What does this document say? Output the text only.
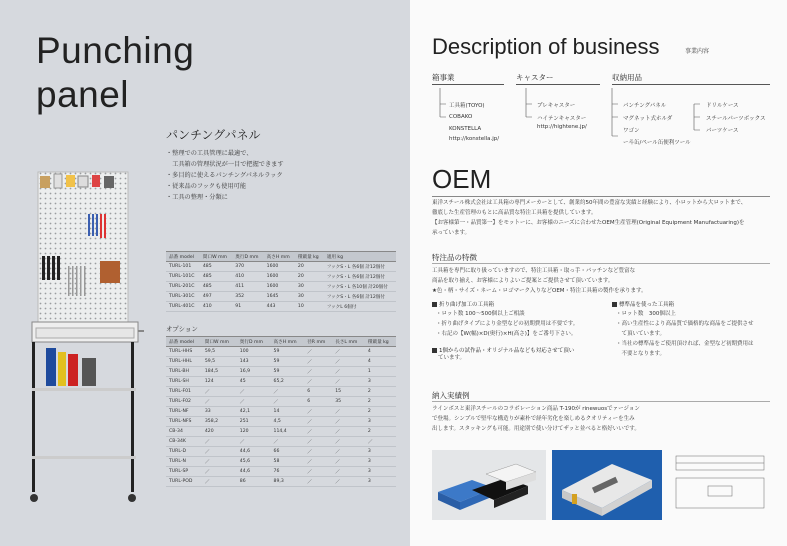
Punching
panel
パンチングパネル
・整理での工具管理に最適で、
　工具箱の管理状況が一目で把握できます
・多目的に使えるパンチングパネルラック
・従来品のフックも使用可能
・工具の整理・分類に
品番 model	間口W mm	奥行D mm	高さH mm	積載量 kg	適用 kg
TURL-101	485	370	1600	20	フックS・L 各6個 計12個付
TURL-101C	485	410	1600	20	フックS・L 各6個 計12個付
TURL-201C	485	411	1600	30	フックS・L 各10個 計20個付
TURL-301C	497	352	1645	30	フックS・L 各6個 計12個付
TURL-401C	410	91	443	10	フックL 6個付
オプション
品番 model	間口W mm	奥行D mm	高さH mm	径R mm	長さL mm	積載量 kg
TURL-HHS	59,5	100	59	／	／	4
TURL-HHL	59,5	143	59	／	／	4
TURL-BH	184,5	16,9	59	／	／	1
TURL-SH	124	45	65,2	／	／	3
TURL-F01	／	／	／	6	15	2
TURL-F02	／	／	／	6	35	2
TURL-NF	33	42,1	14	／	／	2
TURL-NFS	358,2	251	4,5	／	／	3
CB-34	420	120	114,4	／	／	2
CB-34K	／	／	／	／	／	／
TURL-D	／	44,6	66	／	／	3
TURL-N	／	45,6	58	／	／	3
TURL-SP	／	44,6	76	／	／	3
TURL-POD	／	86	89,3	／	／	3
Description of business	事業内容
箱事業	キャスター	収納用品
工具箱(TOYO)
COBAKO
KONSTELLA
http://konstella.jp/
プレキャスター
ハイテンキャスター
http://hightene.jp/
パンチングパネル
マグネット式ホルダ
ワゴン
ー斗缶/ペール缶便利ツール
ドリルケース
スチールパーツボックス
パーツケース
OEM
東洋スチール株式会社は工具箱の専門メーカーとして、創業約50年間の豊富な実績と経験により、小ロットから大ロットまで、
徹底した生産管理のもとに高品質な特注工具箱を提供しています。
【お客様第一・品質第一】をモットーに、お客様のニーズに合わせたOEM生産管理(Original Equipment Manufactuaring)を
承っています。
特注品の特徴
工具箱を専門に取り扱っていますので、特注工具箱・取っ手・パッチンなど豊富な
商品を取り揃え、お客様によりよいご提案とご提供させて頂いています。
★色・柄・サイズ・ネーム・ロゴマーク入りなどOEM・特注工具箱の製作を承ります。
折り曲げ加工の工具箱
・ロット数 100〜500個以上ご相談
・折り曲げタイプにより金型などの初期費用は不要です。
・右記の【W(幅)×D(奥行)×H(高さ)】をご番号下さい。
1個からの試作品・オリジナル品なども対応させて頂い
ています。
標準品を使った工具箱
・ロット数　300個以上
・高い生産性により高品質で価格的な商品をご提供させ
　て頂いています。
・当社の標準品をご使用頂ければ、金型など初期費用は
　不要となります。
納入実績例
ラインボスと東洋スチールのコラボレーション商品 T-190が rinewuosでァージョン
で登場。シンプルで堅牢な構造りが素朴で経年劣化を楽しめるクオリティーを生み
出します。スタッキングも可能。用途別で使い分けてザッと並べると格好いいです。
